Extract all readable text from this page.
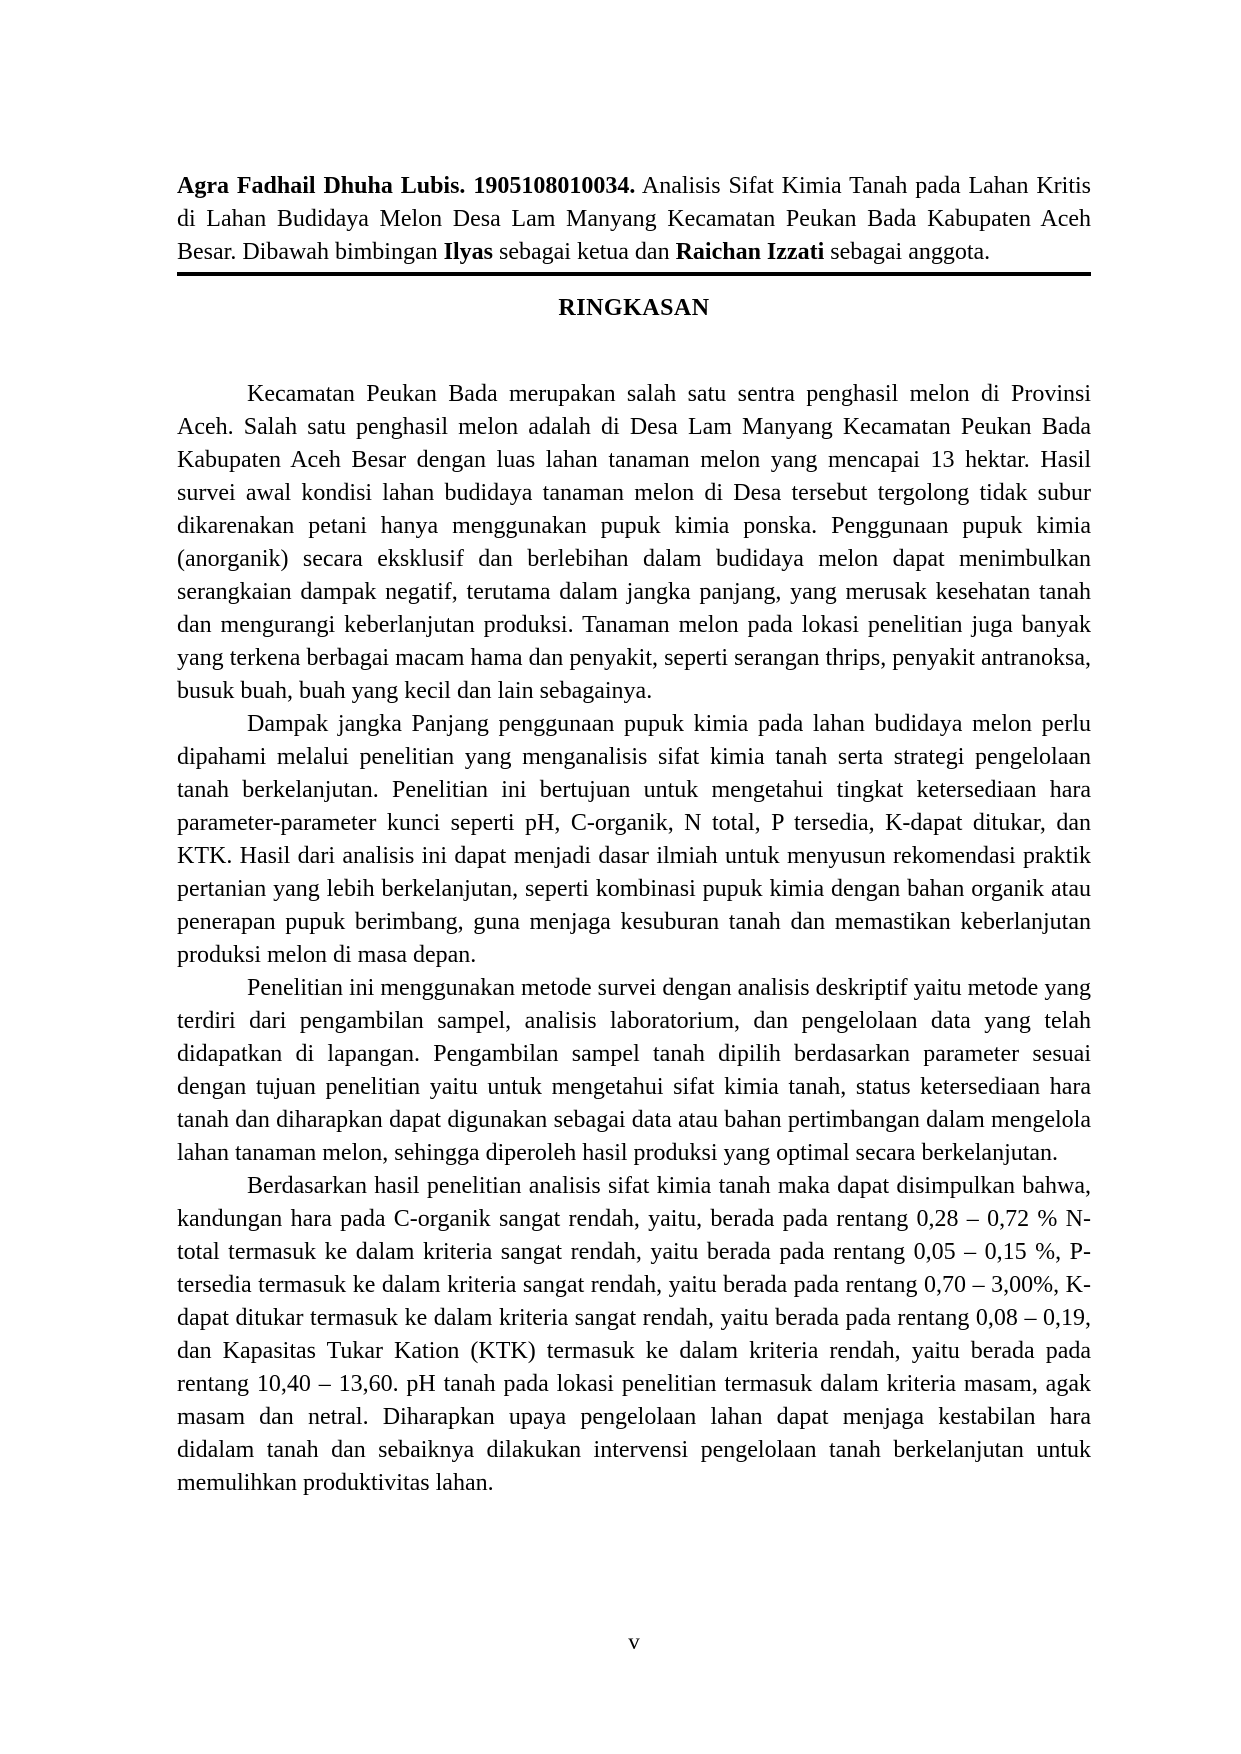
Agra Fadhail Dhuha Lubis. 1905108010034. Analisis Sifat Kimia Tanah pada Lahan Kritis di Lahan Budidaya Melon Desa Lam Manyang Kecamatan Peukan Bada Kabupaten Aceh Besar. Dibawah bimbingan Ilyas sebagai ketua dan Raichan Izzati sebagai anggota.
RINGKASAN

Kecamatan Peukan Bada merupakan salah satu sentra penghasil melon di Provinsi Aceh. Salah satu penghasil melon adalah di Desa Lam Manyang Kecamatan Peukan Bada Kabupaten Aceh Besar dengan luas lahan tanaman melon yang mencapai 13 hektar. Hasil survei awal kondisi lahan budidaya tanaman melon di Desa tersebut tergolong tidak subur dikarenakan petani hanya menggunakan pupuk kimia ponska. Penggunaan pupuk kimia (anorganik) secara eksklusif dan berlebihan dalam budidaya melon dapat menimbulkan serangkaian dampak negatif, terutama dalam jangka panjang, yang merusak kesehatan tanah dan mengurangi keberlanjutan produksi. Tanaman melon pada lokasi penelitian juga banyak yang terkena berbagai macam hama dan penyakit, seperti serangan thrips, penyakit antranoksa, busuk buah, buah yang kecil dan lain sebagainya.

Dampak jangka Panjang penggunaan pupuk kimia pada lahan budidaya melon perlu dipahami melalui penelitian yang menganalisis sifat kimia tanah serta strategi pengelolaan tanah berkelanjutan. Penelitian ini bertujuan untuk mengetahui tingkat ketersediaan hara parameter-parameter kunci seperti pH, C-organik, N total, P tersedia, K-dapat ditukar, dan KTK. Hasil dari analisis ini dapat menjadi dasar ilmiah untuk menyusun rekomendasi praktik pertanian yang lebih berkelanjutan, seperti kombinasi pupuk kimia dengan bahan organik atau penerapan pupuk berimbang, guna menjaga kesuburan tanah dan memastikan keberlanjutan produksi melon di masa depan.

Penelitian ini menggunakan metode survei dengan analisis deskriptif yaitu metode yang terdiri dari pengambilan sampel, analisis laboratorium, dan pengelolaan data yang telah didapatkan di lapangan. Pengambilan sampel tanah dipilih berdasarkan parameter sesuai dengan tujuan penelitian yaitu untuk mengetahui sifat kimia tanah, status ketersediaan hara tanah dan diharapkan dapat digunakan sebagai data atau bahan pertimbangan dalam mengelola lahan tanaman melon, sehingga diperoleh hasil produksi yang optimal secara berkelanjutan.

Berdasarkan hasil penelitian analisis sifat kimia tanah maka dapat disimpulkan bahwa, kandungan hara pada C-organik sangat rendah, yaitu, berada pada rentang 0,28 – 0,72 % N-total termasuk ke dalam kriteria sangat rendah, yaitu berada pada rentang 0,05 – 0,15 %, P-tersedia termasuk ke dalam kriteria sangat rendah, yaitu berada pada rentang 0,70 – 3,00%, K-dapat ditukar termasuk ke dalam kriteria sangat rendah, yaitu berada pada rentang 0,08 – 0,19, dan Kapasitas Tukar Kation (KTK) termasuk ke dalam kriteria rendah, yaitu berada pada rentang 10,40 – 13,60. pH tanah pada lokasi penelitian termasuk dalam kriteria masam, agak masam dan netral. Diharapkan upaya pengelolaan lahan dapat menjaga kestabilan hara didalam tanah dan sebaiknya dilakukan intervensi pengelolaan tanah berkelanjutan untuk memulihkan produktivitas lahan.

v
